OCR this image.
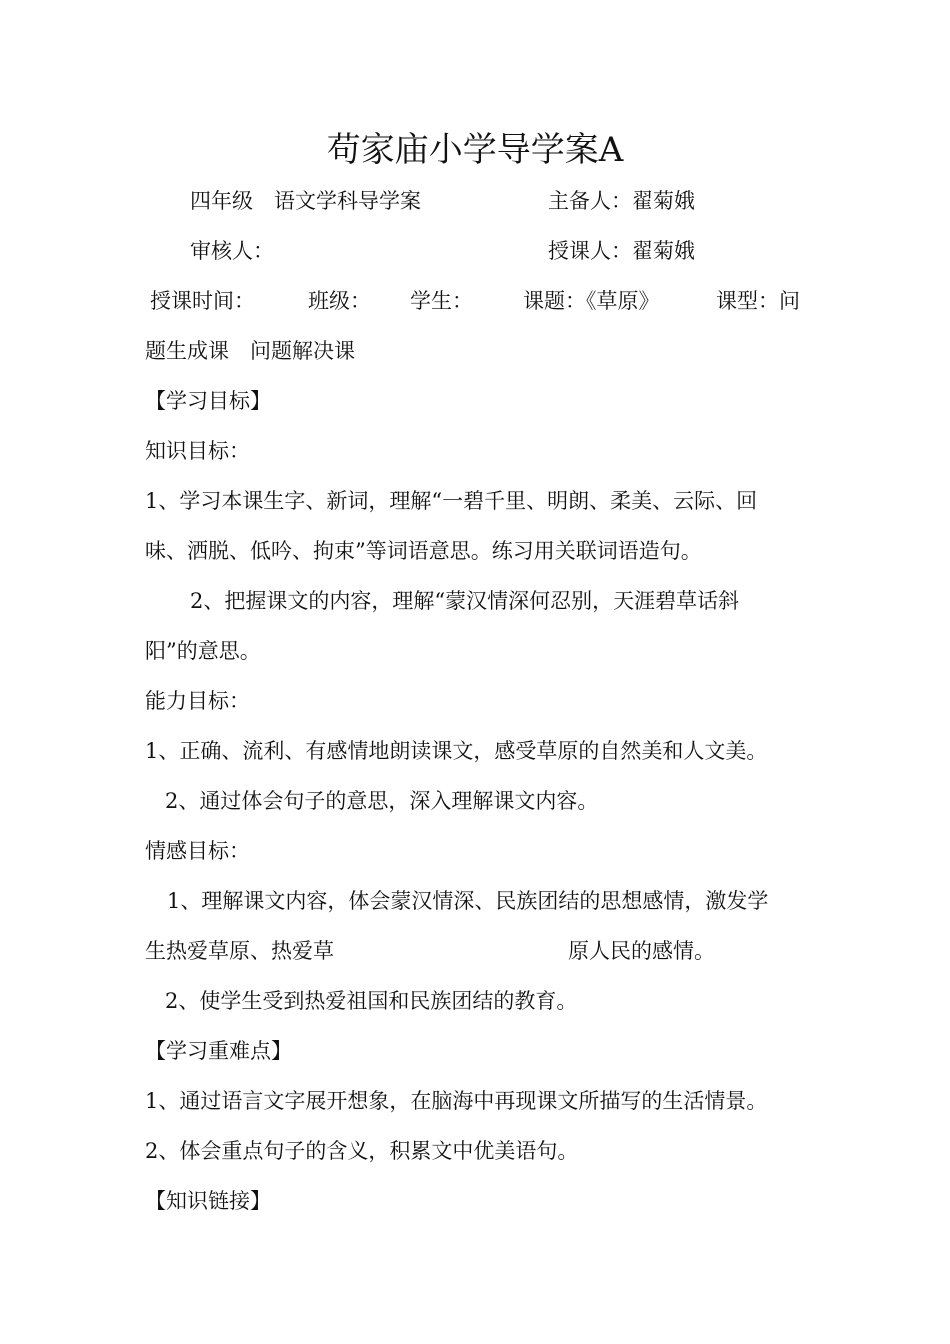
苟家庙小学导学案A
四年级　语文学科导学案	主备人：翟菊娥
审核人：	授课人：翟菊娥
授课时间：	班级： 学生： 课题：《草原》	课型：问
题生成课　问题解决课
【学习目标】
知识目标：
1、学习本课生字、新词，理解“一碧千里、明朗、柔美、云际、回
味、洒脱、低吟、拘束”等词语意思。练习用关联词语造句。
2、把握课文的内容，理解“蒙汉情深何忍别，天涯碧草话斜
阳”的意思。
能力目标：
1、正确、流利、有感情地朗读课文，感受草原的自然美和人文美。
2、通过体会句子的意思，深入理解课文内容。
情感目标：
1、理解课文内容，体会蒙汉情深、民族团结的思想感情，激发学
生热爱草原、热爱草	原人民的感情。
2、使学生受到热爱祖国和民族团结的教育。
【学习重难点】
1、通过语言文字展开想象，在脑海中再现课文所描写的生活情景。
2、体会重点句子的含义，积累文中优美语句。
【知识链接】
